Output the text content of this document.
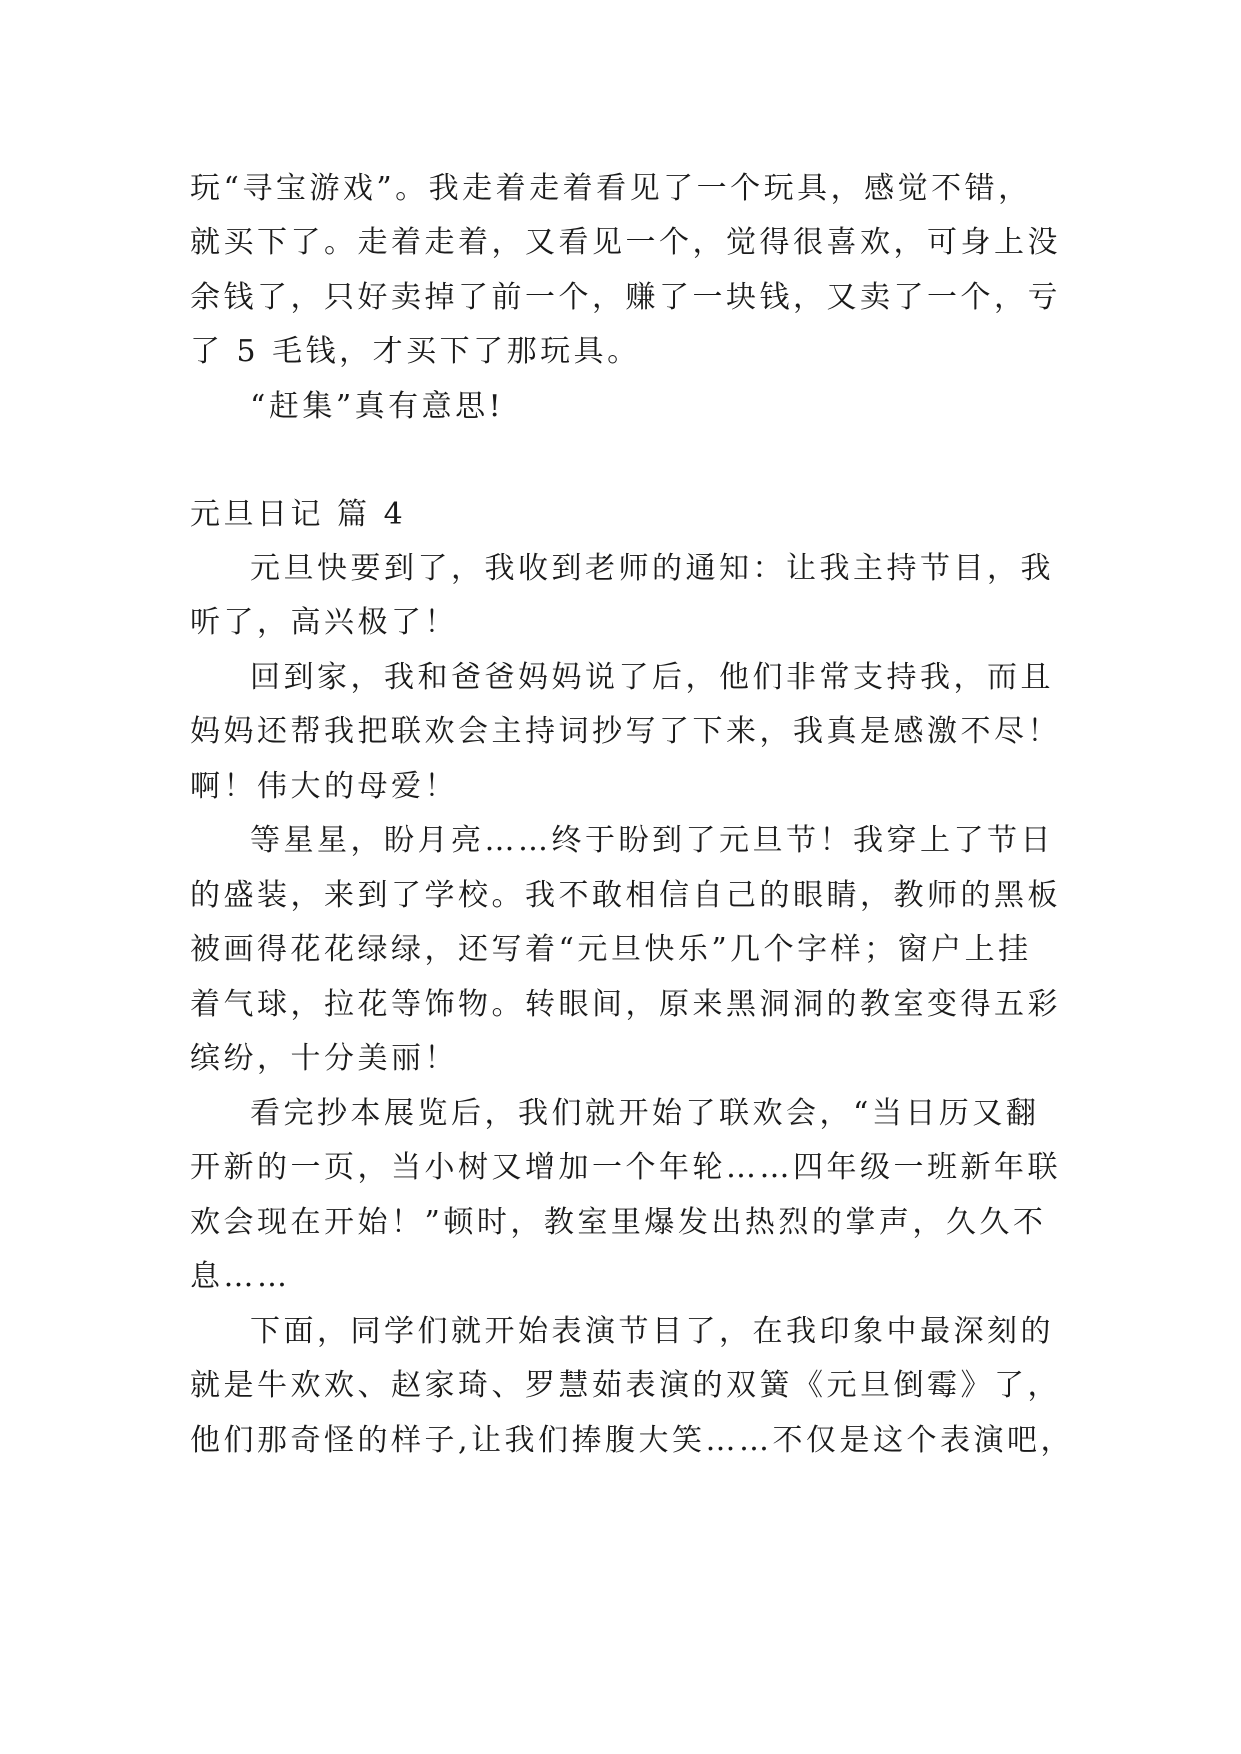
玩“寻宝游戏”。我走着走着看见了一个玩具，感觉不错，
就买下了。走着走着，又看见一个，觉得很喜欢，可身上没
余钱了，只好卖掉了前一个，赚了一块钱，又卖了一个，亏
了 5 毛钱，才买下了那玩具。
“赶集”真有意思!
元旦日记 篇 4
元旦快要到了，我收到老师的通知：让我主持节目，我
听了，高兴极了！
回到家，我和爸爸妈妈说了后，他们非常支持我，而且
妈妈还帮我把联欢会主持词抄写了下来，我真是感激不尽！
啊！伟大的母爱！
等星星，盼月亮……终于盼到了元旦节！我穿上了节日
的盛装，来到了学校。我不敢相信自己的眼睛，教师的黑板
被画得花花绿绿，还写着“元旦快乐”几个字样；窗户上挂
着气球，拉花等饰物。转眼间，原来黑洞洞的教室变得五彩
缤纷，十分美丽！
看完抄本展览后，我们就开始了联欢会，“当日历又翻
开新的一页，当小树又增加一个年轮……四年级一班新年联
欢会现在开始！”顿时，教室里爆发出热烈的掌声，久久不
息……
下面，同学们就开始表演节目了，在我印象中最深刻的
就是牛欢欢、赵家琦、罗慧茹表演的双簧《元旦倒霉》了，
他们那奇怪的样子,让我们捧腹大笑……不仅是这个表演吧，
